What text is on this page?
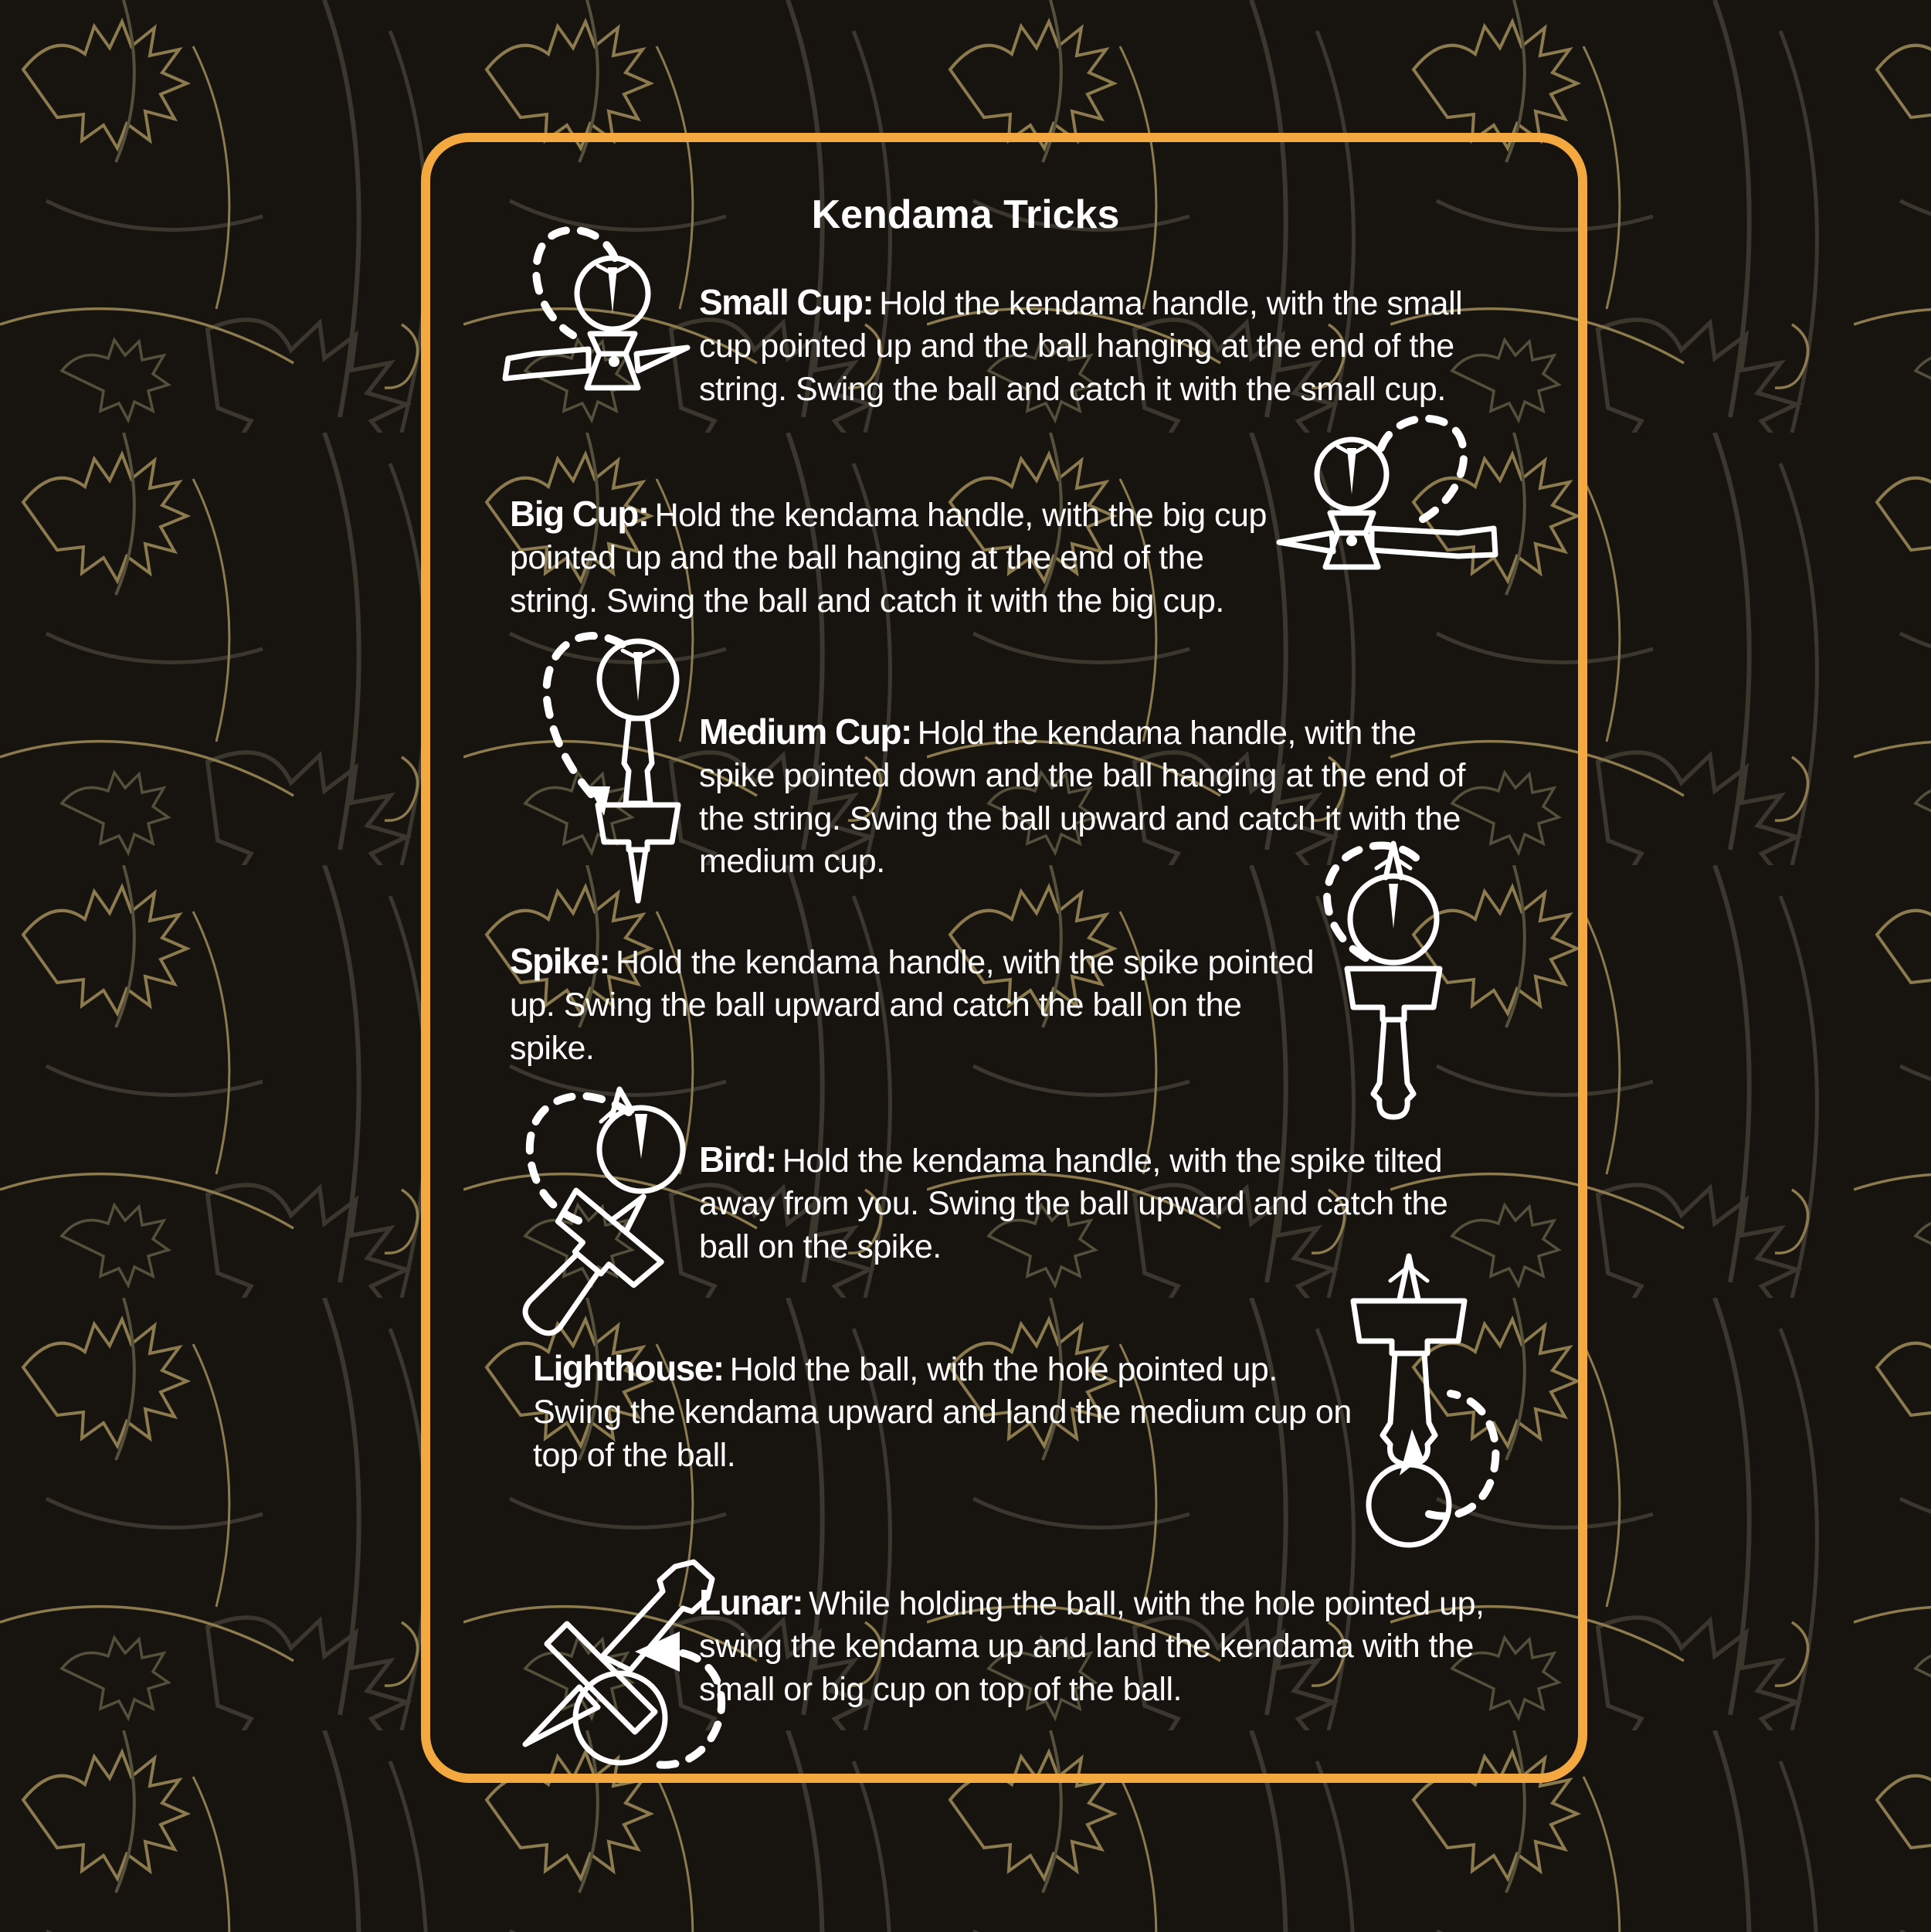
Kendama Tricks

Small Cup: Hold the kendama handle, with the small cup pointed up and the ball hanging at the end of the string. Swing the ball and catch it with the small cup.

Big Cup: Hold the kendama handle, with the big cup pointed up and the ball hanging at the end of the string. Swing the ball and catch it with the big cup.

Medium Cup: Hold the kendama handle, with the spike pointed down and the ball hanging at the end of the string. Swing the ball upward and catch it with the medium cup.

Spike: Hold the kendama handle, with the spike pointed up. Swing the ball upward and catch the ball on the spike.

Bird: Hold the kendama handle, with the spike tilted away from you. Swing the ball upward and catch the ball on the spike.

Lighthouse: Hold the ball, with the hole pointed up. Swing the kendama upward and land the medium cup on top of the ball.

Lunar: While holding the ball, with the hole pointed up, swing the kendama up and land the kendama with the small or big cup on top of the ball.
